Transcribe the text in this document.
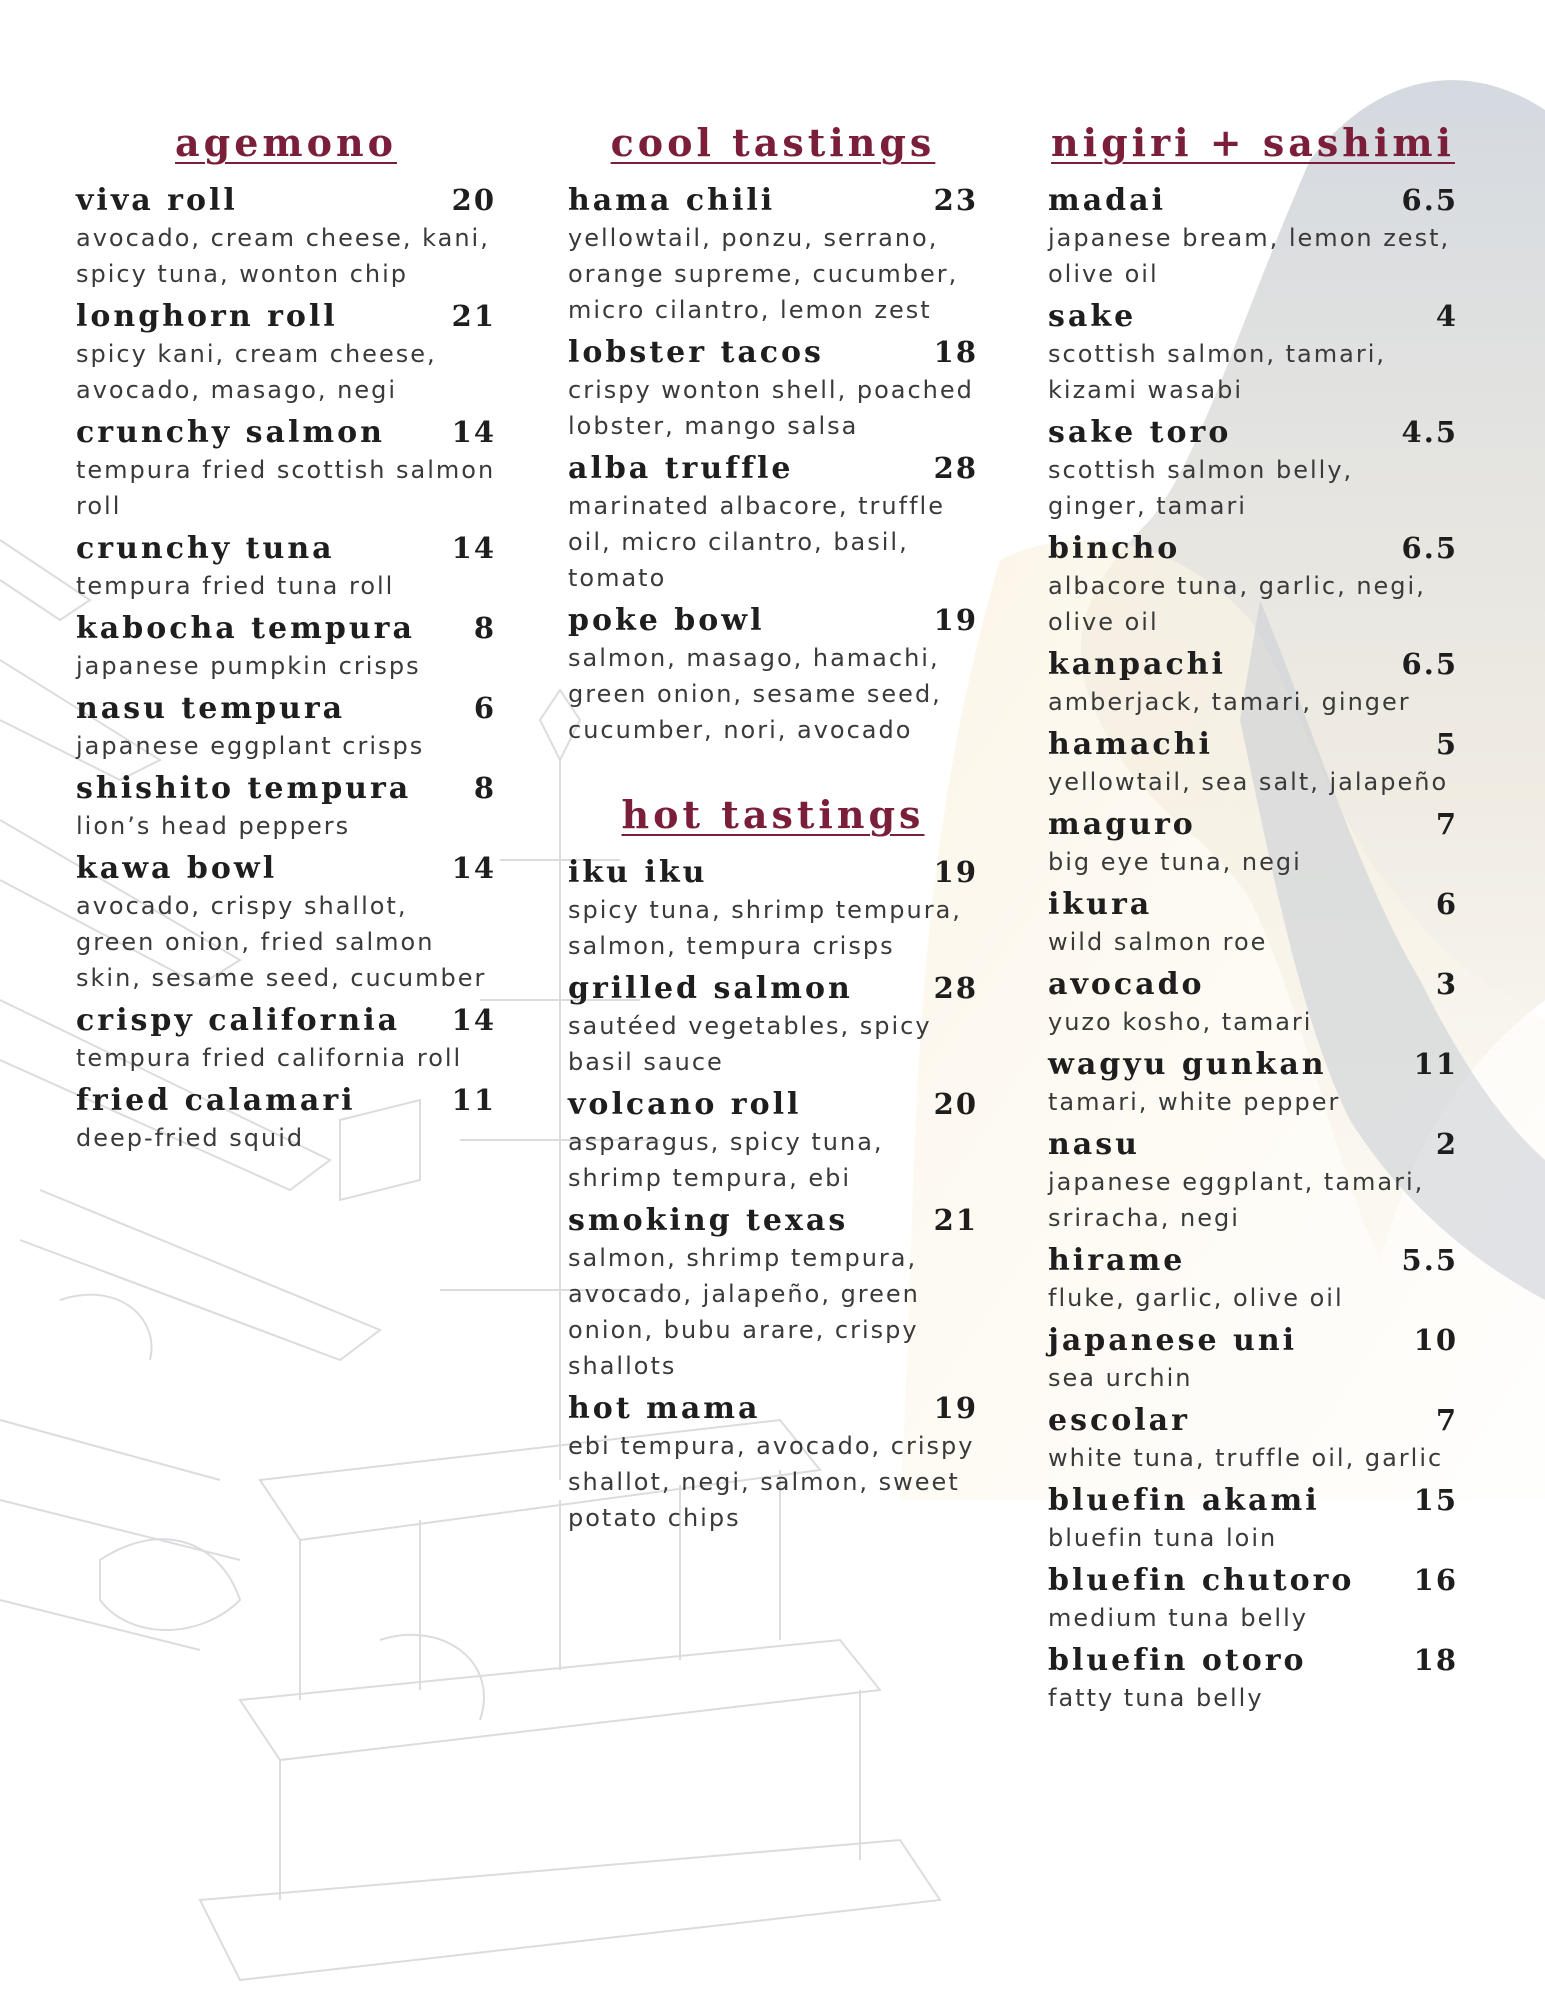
agemono
viva roll	20
avocado, cream cheese, kani, spicy tuna, wonton chip
longhorn roll	21
spicy kani, cream cheese, avocado, masago, negi
crunchy salmon 14
tempura fried scottish salmon roll
crunchy tuna	14
tempura fried tuna roll
kabocha tempura 8
japanese pumpkin crisps
nasu tempura	6
japanese eggplant crisps
shishito tempura 8
lion’s head peppers
kawa bowl	14
avocado, crispy shallot, green onion, fried salmon skin, sesame seed, cucumber
crispy california 14
tempura fried california roll
fried calamari	11
deep-fried squid
cool tastings
hama chili	23
yellowtail, ponzu, serrano, orange supreme, cucumber, micro cilantro, lemon zest
lobster tacos	18
crispy wonton shell, poached lobster, mango salsa
alba truffle	28
marinated albacore, truffle oil, micro cilantro, basil, tomato
poke bowl	19
salmon, masago, hamachi, green onion, sesame seed, cucumber, nori, avocado
hot tastings
iku iku	19
spicy tuna, shrimp tempura, salmon, tempura crisps
grilled salmon	28
sautéed vegetables, spicy basil sauce
volcano roll	20
asparagus, spicy tuna, shrimp tempura, ebi
smoking texas	21
salmon, shrimp tempura, avocado, jalapeño, green onion, bubu arare, crispy shallots
hot mama	19
ebi tempura, avocado, crispy shallot, negi, salmon, sweet potato chips
nigiri + sashimi
madai	6.5
japanese bream, lemon zest, olive oil
sake	4
scottish salmon, tamari, kizami wasabi
sake toro	4.5
scottish salmon belly, ginger, tamari
bincho	6.5
albacore tuna, garlic, negi, olive oil
kanpachi	6.5
amberjack, tamari, ginger
hamachi	5
yellowtail, sea salt, jalapeño
maguro	7
big eye tuna, negi
ikura	6
wild salmon roe
avocado	3
yuzo kosho, tamari
wagyu gunkan	11
tamari, white pepper
nasu	2
japanese eggplant, tamari, sriracha, negi
hirame	5.5
fluke, garlic, olive oil
japanese uni	10
sea urchin
escolar	7
white tuna, truffle oil, garlic
bluefin akami	15
bluefin tuna loin
bluefin chutoro 16
medium tuna belly
bluefin otoro	18
fatty tuna belly
